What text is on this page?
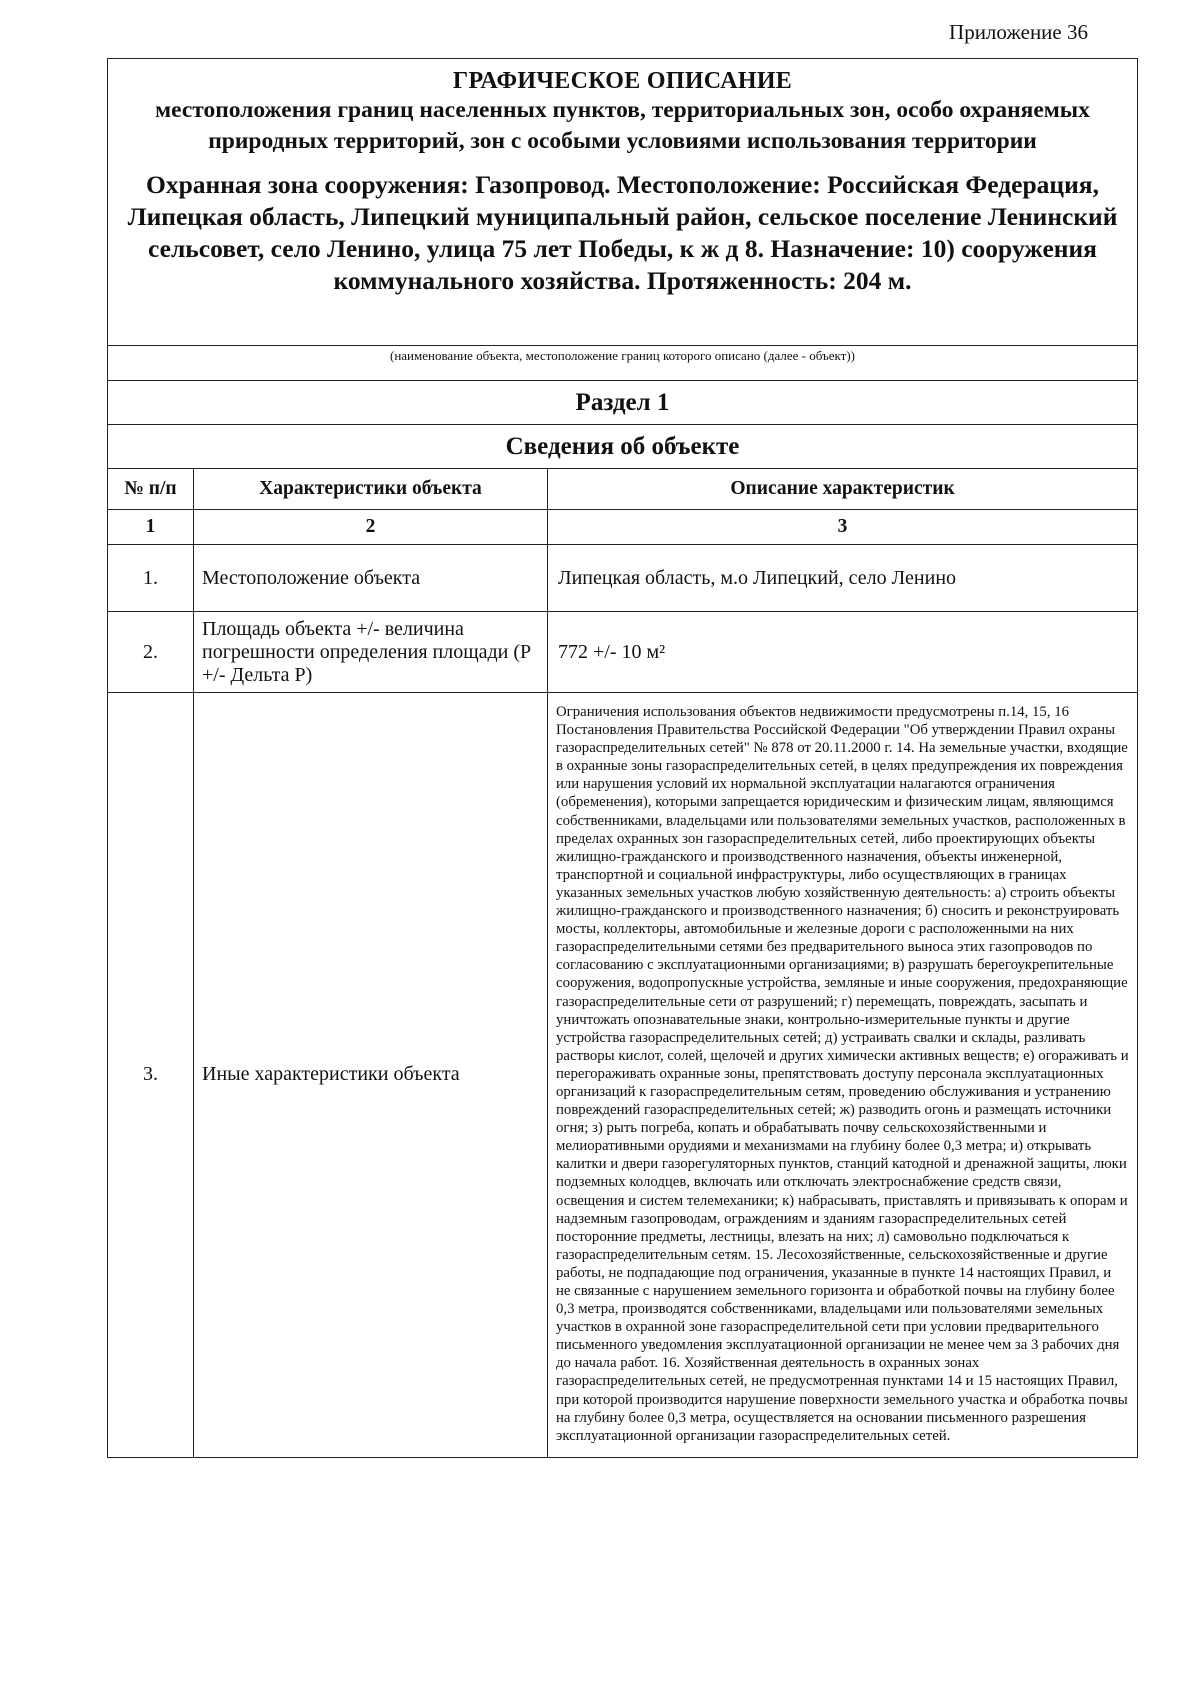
Приложение 36
ГРАФИЧЕСКОЕ ОПИСАНИЕ
местоположения границ населенных пунктов, территориальных зон, особо охраняемых природных территорий, зон с особыми условиями использования территории
Охранная зона сооружения: Газопровод. Местоположение: Российская Федерация, Липецкая область, Липецкий муниципальный район, сельское поселение Ленинский сельсовет, село Ленино, улица 75 лет Победы, к ж д 8. Назначение: 10) сооружения коммунального хозяйства. Протяженность: 204 м.		

(наименование объекта, местоположение границ которого описано (далее - объект))		

Раздел 1		
Сведения об объекте		
№ п/п	Характеристики объекта	Описание характеристик
1	2	3
1.	Местоположение объекта	Липецкая область, м.о Липецкий, село Ленино
2.	Площадь объекта +/- величина погрешности определения площади (Р +/- Дельта Р)	772 +/- 10 м²
3.	Иные характеристики объекта	Ограничения использования объектов недвижимости предусмотрены п.14, 15, 16 Постановления Правительства Российской Федерации "Об утверждении Правил охраны газораспределительных сетей" № 878 от 20.11.2000 г. 14. На земельные участки, входящие в охранные зоны газораспределительных сетей, в целях предупреждения их повреждения или нарушения условий их нормальной эксплуатации налагаются ограничения (обременения), которыми запрещается юридическим и физическим лицам, являющимся собственниками, владельцами или пользователями земельных участков, расположенных в пределах охранных зон газораспределительных сетей, либо проектирующих объекты жилищно-гражданского и производственного назначения, объекты инженерной, транспортной и социальной инфраструктуры, либо осуществляющих в границах указанных земельных участков любую хозяйственную деятельность: а) строить объекты жилищно-гражданского и производственного назначения; б) сносить и реконструировать мосты, коллекторы, автомобильные и железные дороги с расположенными на них газораспределительными сетями без предварительного выноса этих газопроводов по согласованию с эксплуатационными организациями; в) разрушать берегоукрепительные сооружения, водопропускные устройства, земляные и иные сооружения, предохраняющие газораспределительные сети от разрушений; г) перемещать, повреждать, засыпать и уничтожать опознавательные знаки, контрольно-измерительные пункты и другие устройства газораспределительных сетей; д) устраивать свалки и склады, разливать растворы кислот, солей, щелочей и других химически активных веществ; е) огораживать и перегораживать охранные зоны, препятствовать доступу персонала эксплуатационных организаций к газораспределительным сетям, проведению обслуживания и устранению повреждений газораспределительных сетей; ж) разводить огонь и размещать источники огня; з) рыть погреба, копать и обрабатывать почву сельскохозяйственными и мелиоративными орудиями и механизмами на глубину более 0,3 метра; и) открывать калитки и двери газорегуляторных пунктов, станций катодной и дренажной защиты, люки подземных колодцев, включать или отключать электроснабжение средств связи, освещения и систем телемеханики; к) набрасывать, приставлять и привязывать к опорам и надземным газопроводам, ограждениям и зданиям газораспределительных сетей посторонние предметы, лестницы, влезать на них; л) самовольно подключаться к газораспределительным сетям. 15. Лесохозяйственные, сельскохозяйственные и другие работы, не подпадающие под ограничения, указанные в пункте 14 настоящих Правил, и не связанные с нарушением земельного горизонта и обработкой почвы на глубину более 0,3 метра, производятся собственниками, владельцами или пользователями земельных участков в охранной зоне газораспределительной сети при условии предварительного письменного уведомления эксплуатационной организации не менее чем за 3 рабочих дня до начала работ. 16. Хозяйственная деятельность в охранных зонах газораспределительных сетей, не предусмотренная пунктами 14 и 15 настоящих Правил, при которой производится нарушение поверхности земельного участка и обработка почвы на глубину более 0,3 метра, осуществляется на основании письменного разрешения эксплуатационной организации газораспределительных сетей.
